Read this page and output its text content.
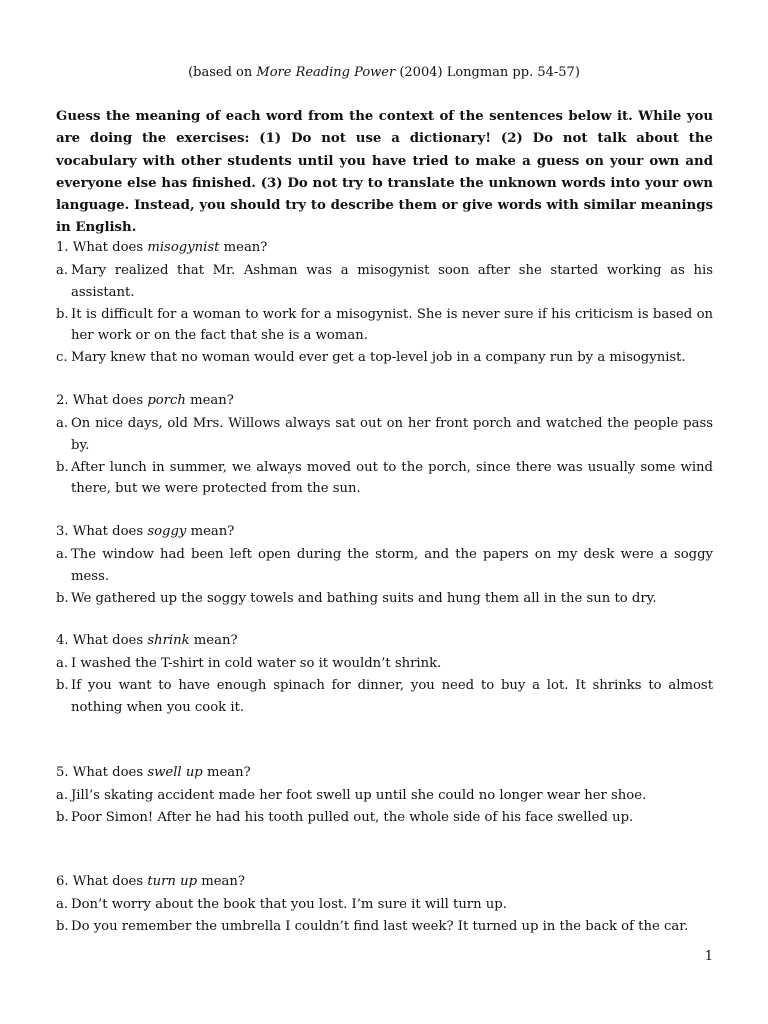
(based on More Reading Power (2004) Longman pp. 54-57)
Guess the meaning of each word from the context of the sentences below it. While you are doing the exercises: (1) Do not use a dictionary! (2) Do not talk about the vocabulary with other students until you have tried to make a guess on your own and everyone else has finished. (3) Do not try to translate the unknown words into your own language. Instead, you should try to describe them or give words with similar meanings in English.
1. What does misogynist mean?
a. Mary realized that Mr. Ashman was a misogynist soon after she started working as his assistant.
b. It is difficult for a woman to work for a misogynist. She is never sure if his criticism is based on her work or on the fact that she is a woman.
c. Mary knew that no woman would ever get a top-level job in a company run by a misogynist.
2. What does porch mean?
a. On nice days, old Mrs. Willows always sat out on her front porch and watched the people pass by.
b. After lunch in summer, we always moved out to the porch, since there was usually some wind there, but we were protected from the sun.
3. What does soggy mean?
a. The window had been left open during the storm, and the papers on my desk were a soggy mess.
b. We gathered up the soggy towels and bathing suits and hung them all in the sun to dry.
4. What does shrink mean?
a. I washed the T-shirt in cold water so it wouldn’t shrink.
b. If you want to have enough spinach for dinner, you need to buy a lot. It shrinks to almost nothing when you cook it.
5. What does swell up mean?
a. Jill’s skating accident made her foot swell up until she could no longer wear her shoe.
b. Poor Simon! After he had his tooth pulled out, the whole side of his face swelled up.
6. What does turn up mean?
a. Don’t worry about the book that you lost. I’m sure it will turn up.
b. Do you remember the umbrella I couldn’t find last week? It turned up in the back of the car.
1
